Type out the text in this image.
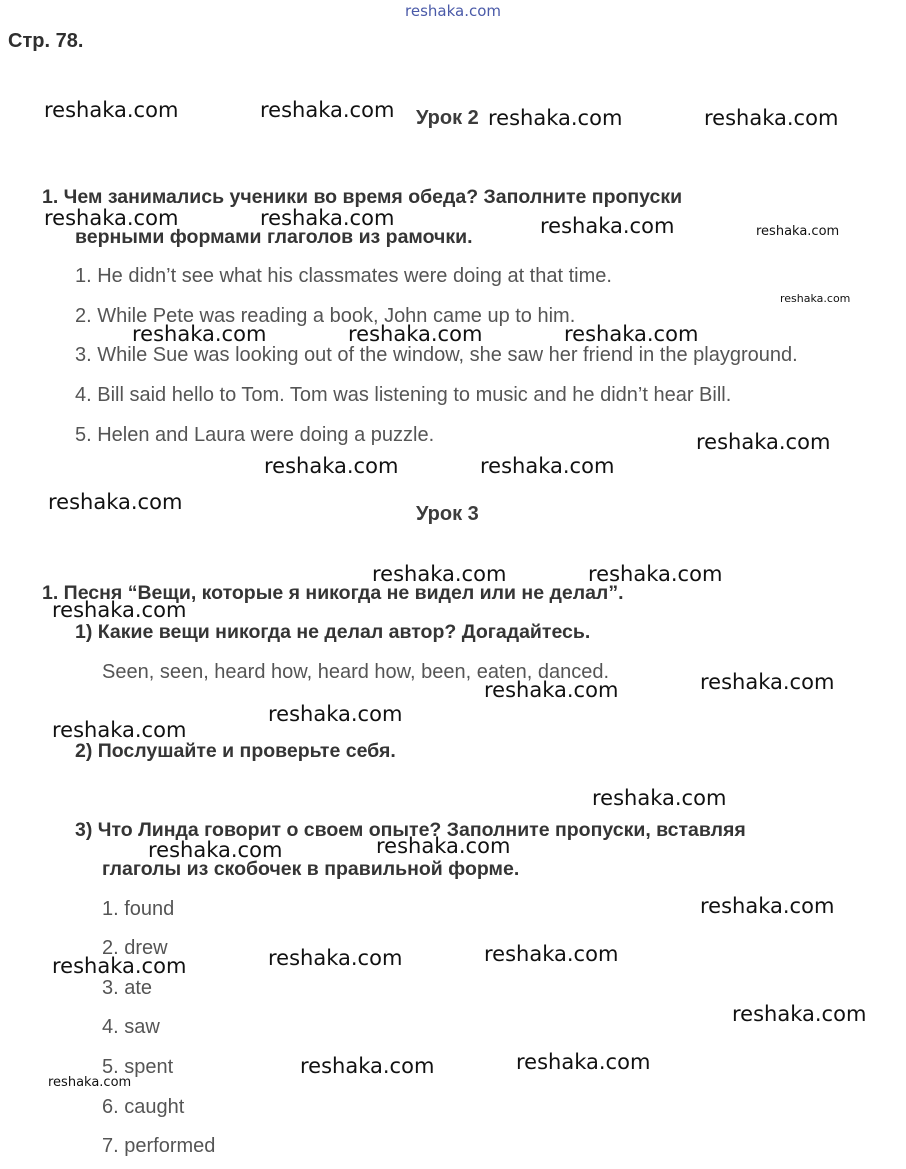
reshaka.com
Стр. 78.
Урок 2
1. Чем занимались ученики во время обеда? Заполните пропуски
верными формами глаголов из рамочки.
1. He didn’t see what his classmates were doing at that time.
2. While Pete was reading a book, John came up to him.
3. While Sue was looking out of the window, she saw her friend in the playground.
4. Bill said hello to Tom. Tom was listening to music and he didn’t hear Bill.
5. Helen and Laura were doing a puzzle.
Урок 3
1. Песня “Вещи, которые я никогда не видел или не делал”.
1) Какие вещи никогда не делал автор? Догадайтесь.
Seen, seen, heard how, heard how, been, eaten, danced.
2) Послушайте и проверьте себя.
3) Что Линда говорит о своем опыте? Заполните пропуски, вставляя
глаголы из скобочек в правильной форме.
1. found
2. drew
3. ate
4. saw
5. spent
6. caught
7. performed
reshaka.com	reshaka.com	reshaka.com	reshaka.com
reshaka.com	reshaka.com	reshaka.com	reshaka.com
reshaka.com
reshaka.com	reshaka.com	reshaka.com
reshaka.com
reshaka.com	reshaka.com
reshaka.com
reshaka.com	reshaka.com
reshaka.com
reshaka.com
reshaka.com
reshaka.com
reshaka.com
reshaka.com
reshaka.com
reshaka.com
reshaka.com
reshaka.com
reshaka.com
reshaka.com
reshaka.com
reshaka.com
reshaka.com
reshaka.com
